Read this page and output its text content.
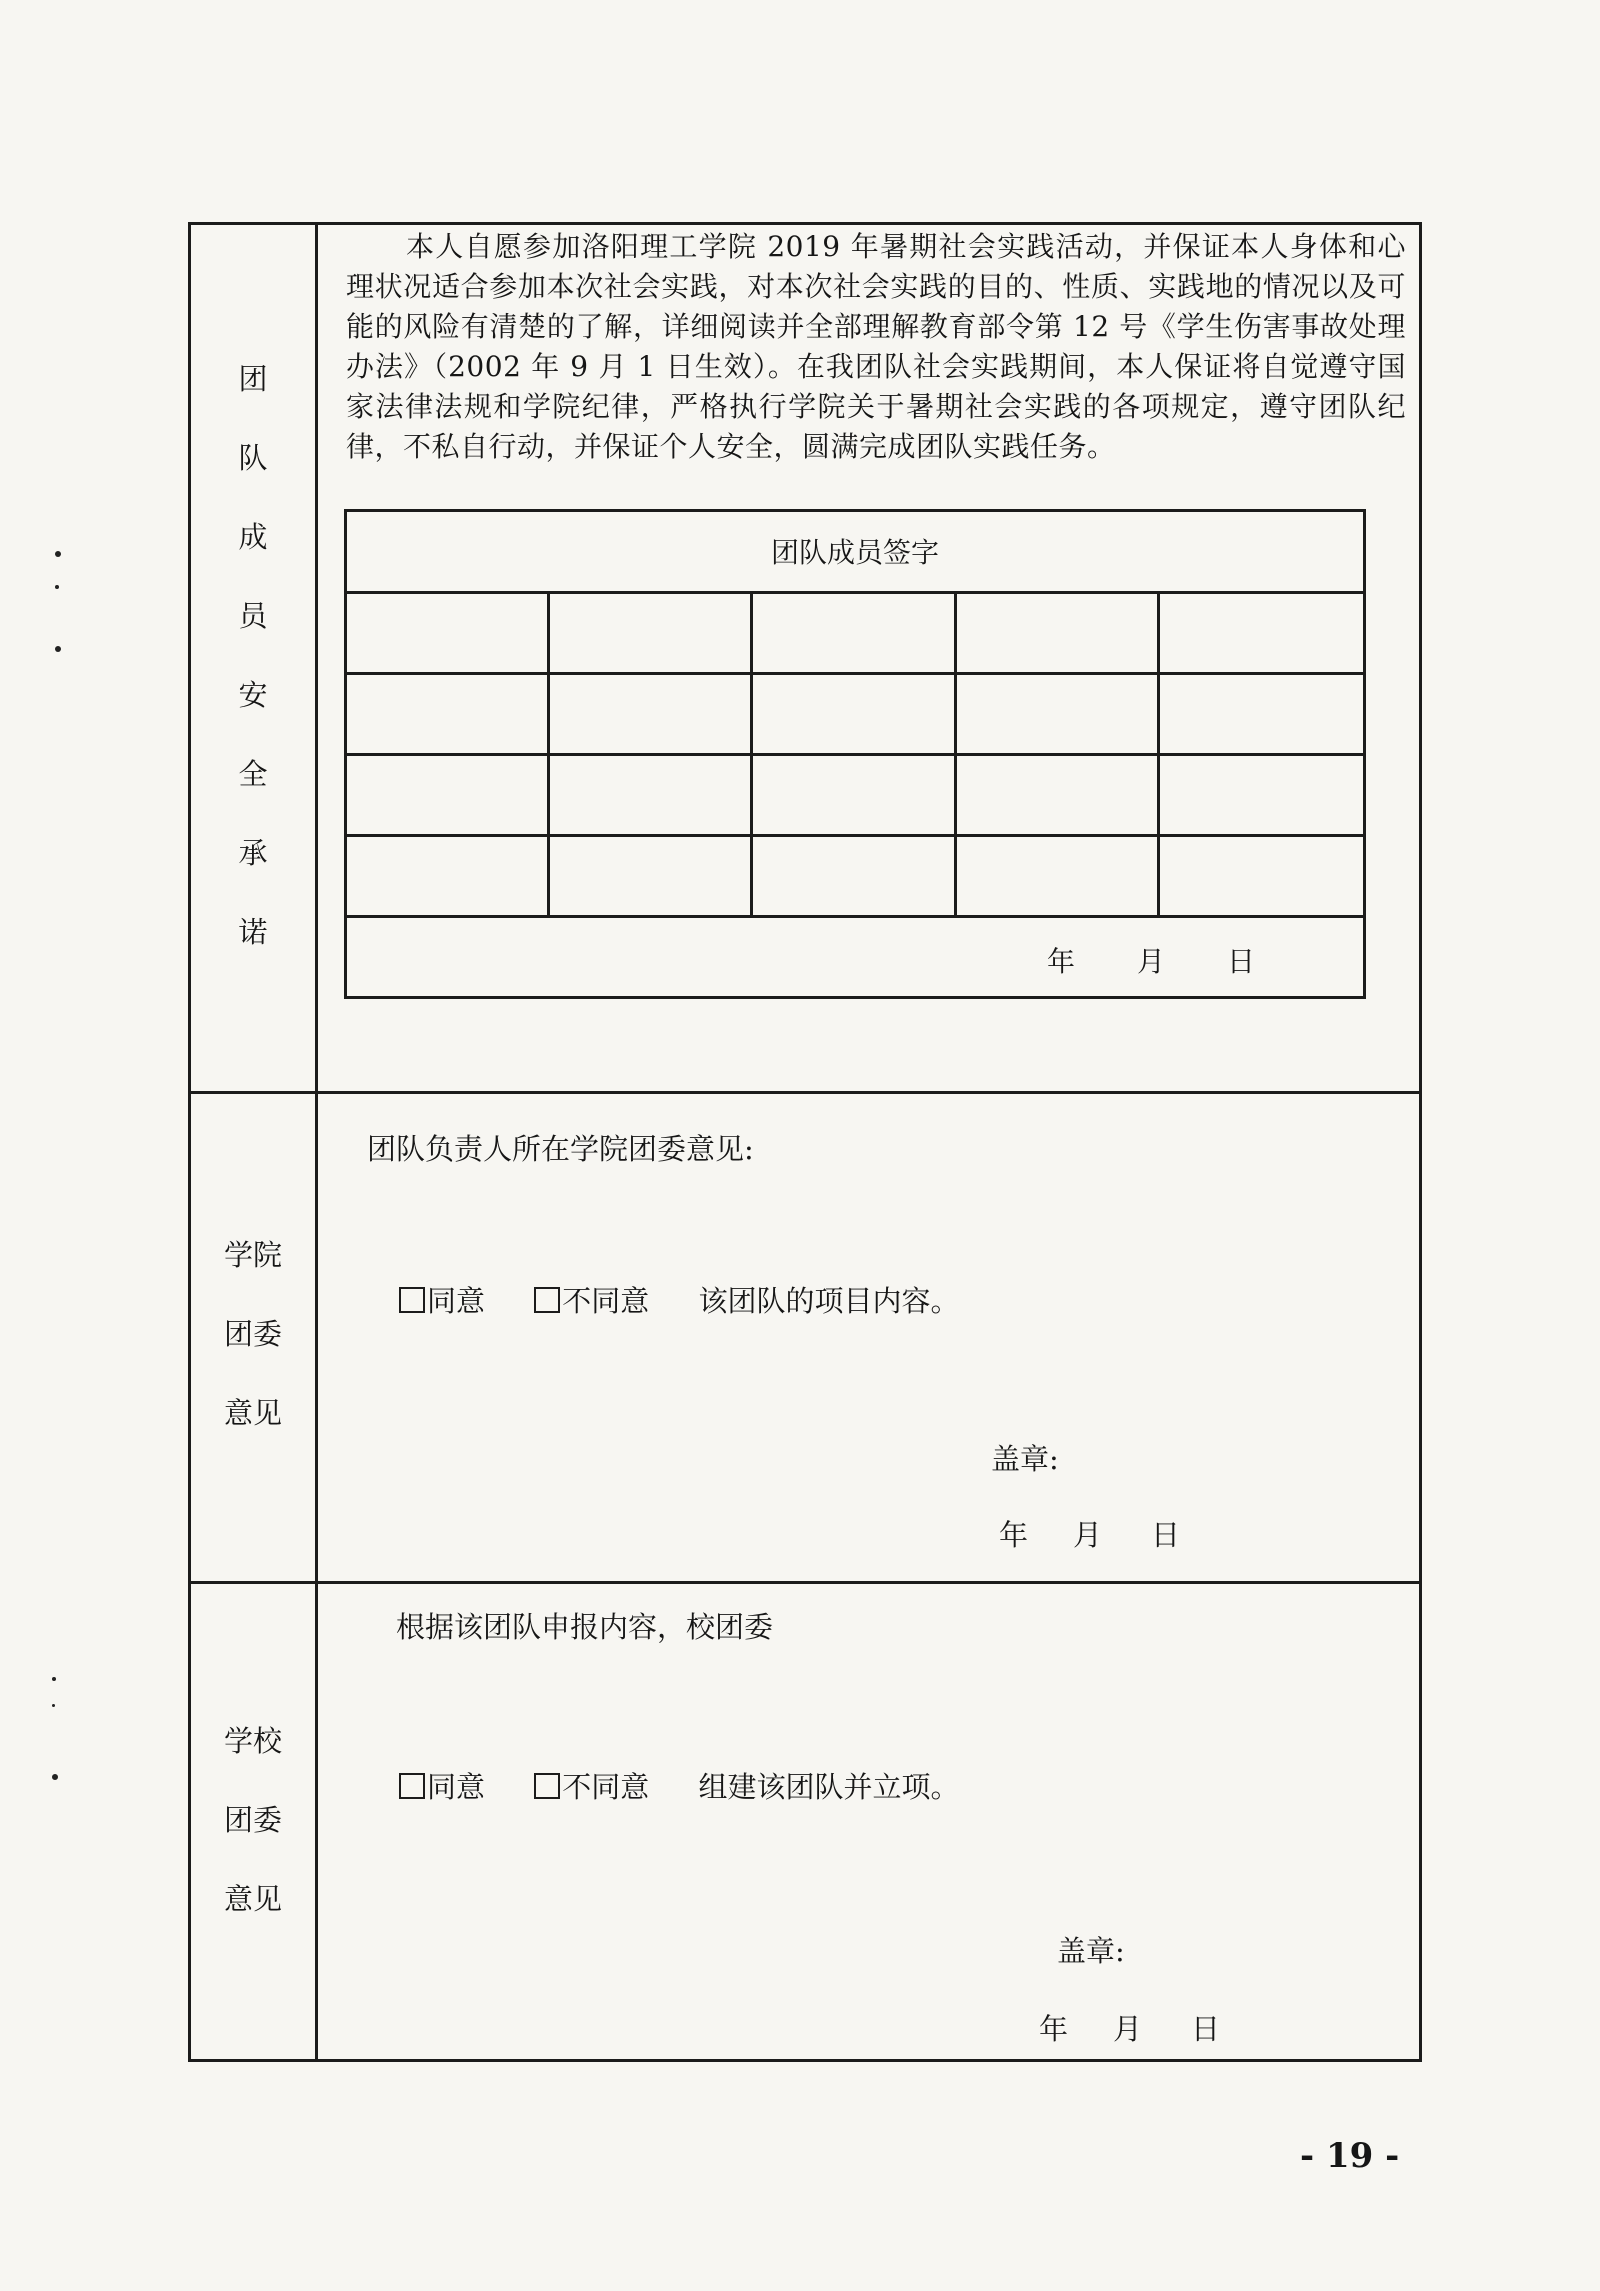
团
队
成
员
安
全
承
诺
本人自愿参加洛阳理工学院 2019 年暑期社会实践活动，并保证本人身体和心理状况适合参加本次社会实践，对本次社会实践的目的、性质、实践地的情况以及可能的风险有清楚的了解，详细阅读并全部理解教育部令第 12 号《学生伤害事故处理办法》（2002 年 9 月 1 日生效）。在我团队社会实践期间，本人保证将自觉遵守国家法律法规和学院纪律，严格执行学院关于暑期社会实践的各项规定，遵守团队纪律，不私自行动，并保证个人安全，圆满完成团队实践任务。
团队成员签字
年 月 日
学院
团委
意见
团队负责人所在学院团委意见:
同意	不同意 该团队的项目内容。
盖章:
年 月 日
学校
团委
意见
根据该团队申报内容，校团委
同意	不同意 组建该团队并立项。
盖章:
年 月 日
- 19 -
